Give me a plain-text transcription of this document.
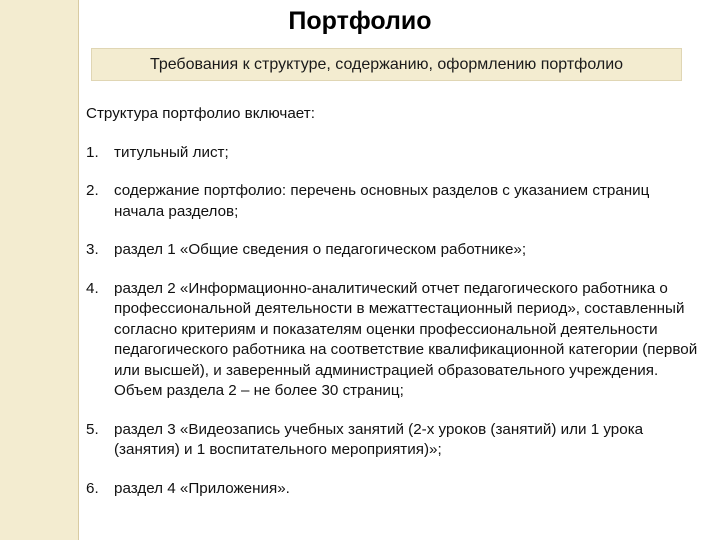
Портфолио
Требования к структуре, содержанию, оформлению портфолио

Структура портфолио включает:

1.	титульный лист;
2.	содержание портфолио: перечень основных разделов с указанием страниц начала разделов;
3.	раздел 1 «Общие сведения о педагогическом работнике»;
4.	раздел 2 «Информационно-аналитический отчет педагогического работника о профессиональной деятельности в межаттестационный период», составленный согласно критериям и показателям оценки профессиональной деятельности педагогического работника на соответствие квалификационной категории (первой или высшей), и заверенный администрацией образовательного учреждения. Объем раздела 2 – не более 30 страниц;
5.	раздел 3 «Видеозапись учебных занятий (2-х уроков (занятий) или 1 урока (занятия) и 1 воспитательного мероприятия)»;
6.	раздел 4 «Приложения».
